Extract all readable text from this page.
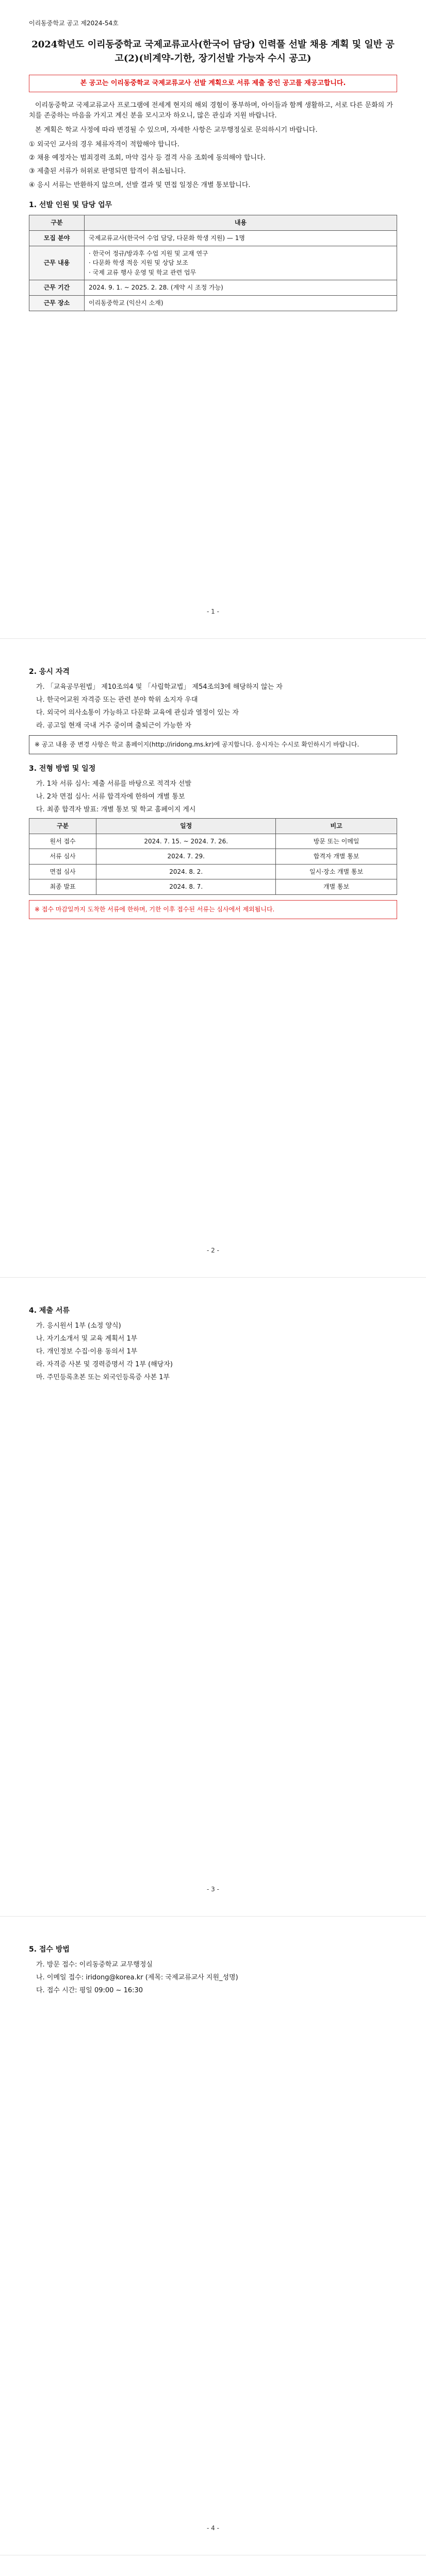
이리동중학교 공고 제2024-54호
2024학년도 이리동중학교 국제교류교사(한국어 담당) 인력풀 선발 채용 계획 및 일반 공고(2)(비계약-기한, 장기선발 가능자 수시 공고)
본 공고는 이리동중학교 국제교류교사 선발 계획으로 서류 제출 중인 공고를 재공고합니다.

이리동중학교 국제교류교사 프로그램에 전세계 현지의 해외 경험이 풍부하며, 아이들과 함께 생활하고, 서로 다른 문화의 가치를 존중하는 마음을 가지고 계신 분을 모시고자 하오니, 많은 관심과 지원 바랍니다.

본 계획은 학교 사정에 따라 변경될 수 있으며, 자세한 사항은 교무행정실로 문의하시기 바랍니다.

① 외국인 교사의 경우 체류자격이 적합해야 합니다.
② 채용 예정자는 범죄경력 조회, 마약 검사 등 결격 사유 조회에 동의해야 합니다.
③ 제출된 서류가 허위로 판명되면 합격이 취소됩니다.
④ 응시 서류는 반환하지 않으며, 선발 결과 및 면접 일정은 개별 통보합니다.
1. 선발 인원 및 담당 업무
구분	내용
모집 분야	국제교류교사(한국어 수업 담당, 다문화 학생 지원) — 1명
근무 내용	· 한국어 정규/방과후 수업 지원 및 교재 연구
· 다문화 학생 적응 지원 및 상담 보조
· 국제 교류 행사 운영 및 학교 관련 업무
근무 기간	2024. 9. 1. ~ 2025. 2. 28. (계약 시 조정 가능)
근무 장소	이리동중학교 (익산시 소재)
- 1 -
2. 응시 자격
가. 「교육공무원법」 제10조의4 및 「사립학교법」 제54조의3에 해당하지 않는 자
나. 한국어교원 자격증 또는 관련 분야 학위 소지자 우대
다. 외국어 의사소통이 가능하고 다문화 교육에 관심과 열정이 있는 자
라. 공고일 현재 국내 거주 중이며 출퇴근이 가능한 자
※ 공고 내용 중 변경 사항은 학교 홈페이지(http://iridong.ms.kr)에 공지합니다. 응시자는 수시로 확인하시기 바랍니다.
3. 전형 방법 및 일정
가. 1차 서류 심사: 제출 서류를 바탕으로 적격자 선발
나. 2차 면접 심사: 서류 합격자에 한하여 개별 통보
다. 최종 합격자 발표: 개별 통보 및 학교 홈페이지 게시
구분	일정	비고
원서 접수	2024. 7. 15. ~ 2024. 7. 26.	방문 또는 이메일
서류 심사	2024. 7. 29.	합격자 개별 통보
면접 심사	2024. 8. 2.	일시·장소 개별 통보
최종 발표	2024. 8. 7.	개별 통보
※ 접수 마감일까지 도착한 서류에 한하며, 기한 이후 접수된 서류는 심사에서 제외됩니다.
- 2 -
4. 제출 서류
가. 응시원서 1부 (소정 양식)
나. 자기소개서 및 교육 계획서 1부
다. 개인정보 수집·이용 동의서 1부
라. 자격증 사본 및 경력증명서 각 1부 (해당자)
마. 주민등록초본 또는 외국인등록증 사본 1부
- 3 -
5. 접수 방법
가. 방문 접수: 이리동중학교 교무행정실
나. 이메일 접수: iridong@korea.kr (제목: 국제교류교사 지원_성명)
다. 접수 시간: 평일 09:00 ~ 16:30
- 4 -
